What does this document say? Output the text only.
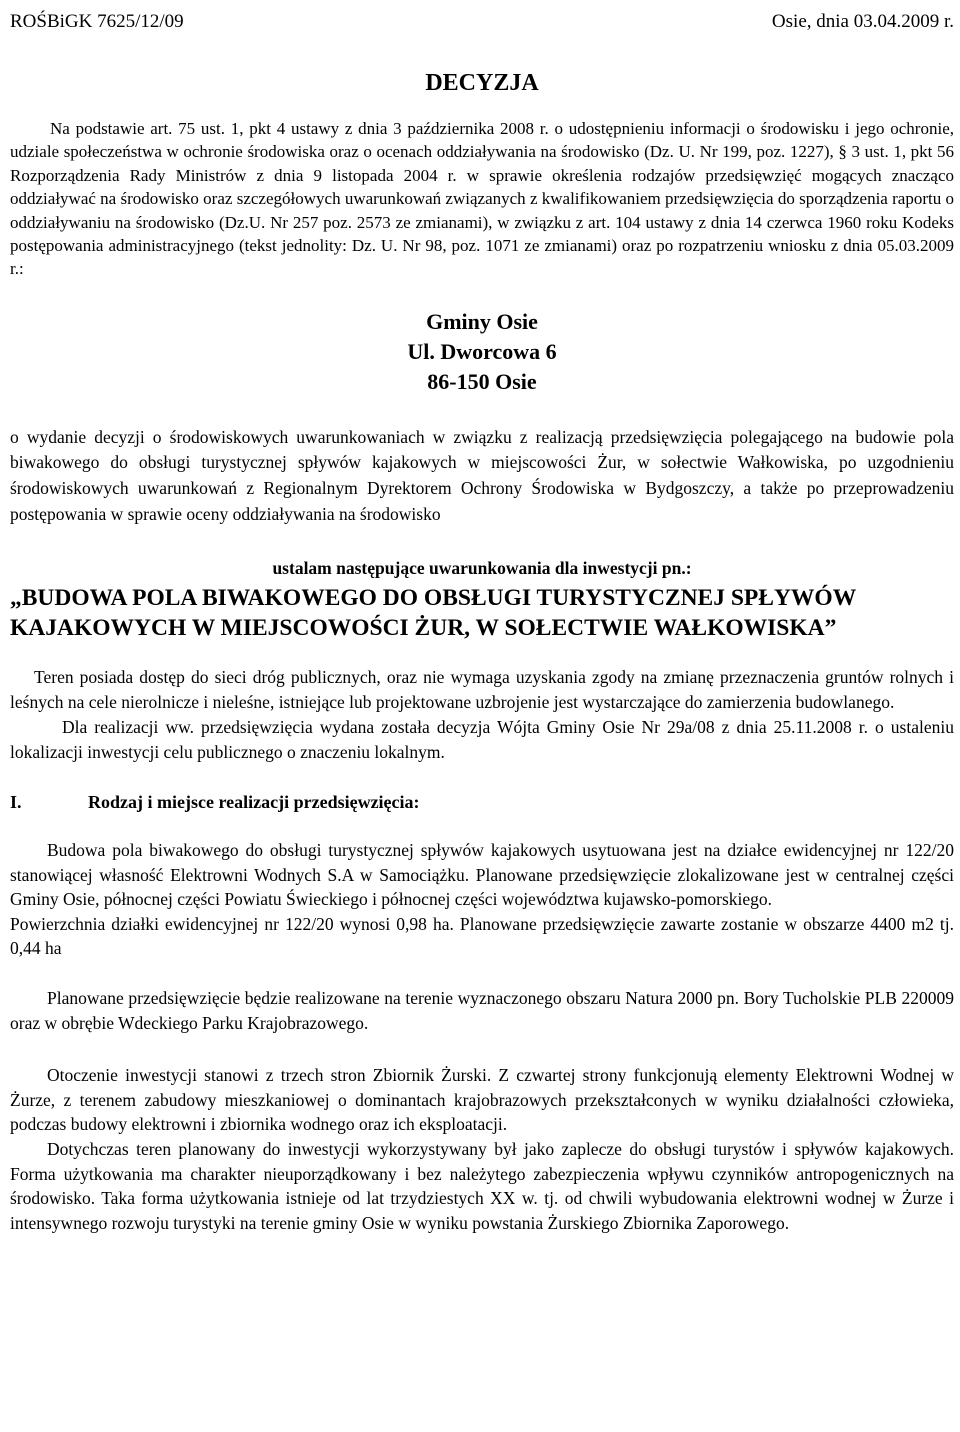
ROŚBiGK 7625/12/09	Osie, dnia 03.04.2009 r.
DECYZJA

Na podstawie art. 75 ust. 1, pkt 4 ustawy z dnia 3 października 2008 r. o udostępnieniu informacji o środowisku i jego ochronie, udziale społeczeństwa w ochronie środowiska oraz o ocenach oddziaływania na środowisko (Dz. U. Nr 199, poz. 1227), § 3 ust. 1, pkt 56 Rozporządzenia Rady Ministrów z dnia 9 listopada 2004 r. w sprawie określenia rodzajów przedsięwzięć mogących znacząco oddziaływać na środowisko oraz szczegółowych uwarunkowań związanych z kwalifikowaniem przedsięwzięcia do sporządzenia raportu o oddziaływaniu na środowisko (Dz.U. Nr 257 poz. 2573 ze zmianami), w związku z art. 104 ustawy z dnia 14 czerwca 1960 roku Kodeks postępowania administracyjnego (tekst jednolity: Dz. U. Nr 98, poz. 1071 ze zmianami) oraz po rozpatrzeniu wniosku z dnia 05.03.2009 r.:

Gminy Osie
Ul. Dworcowa 6
86-150 Osie

o wydanie decyzji o środowiskowych uwarunkowaniach w związku z realizacją przedsięwzięcia polegającego na budowie pola biwakowego do obsługi turystycznej spływów kajakowych w miejscowości Żur, w sołectwie Wałkowiska, po uzgodnieniu środowiskowych uwarunkowań z Regionalnym Dyrektorem Ochrony Środowiska w Bydgoszczy, a także po przeprowadzeniu postępowania w sprawie oceny oddziaływania na środowisko

ustalam następujące uwarunkowania dla inwestycji pn.:
„BUDOWA POLA BIWAKOWEGO DO OBSŁUGI TURYSTYCZNEJ SPŁYWÓW KAJAKOWYCH W MIEJSCOWOŚCI ŻUR, W SOŁECTWIE WAŁKOWISKA”

Teren posiada dostęp do sieci dróg publicznych, oraz nie wymaga uzyskania zgody na zmianę przeznaczenia gruntów rolnych i leśnych na cele nierolnicze i nieleśne, istniejące lub projektowane uzbrojenie jest wystarczające do zamierzenia budowlanego.

Dla realizacji ww. przedsięwzięcia wydana została decyzja Wójta Gminy Osie Nr 29a/08 z dnia 25.11.2008 r. o ustaleniu lokalizacji inwestycji celu publicznego o znaczeniu lokalnym.

I.	Rodzaj i miejsce realizacji przedsięwzięcia:

Budowa pola biwakowego do obsługi turystycznej spływów kajakowych usytuowana jest na działce ewidencyjnej nr 122/20 stanowiącej własność Elektrowni Wodnych S.A w Samociążku. Planowane przedsięwzięcie zlokalizowane jest w centralnej części Gminy Osie, północnej części Powiatu Świeckiego i północnej części województwa kujawsko-pomorskiego.

Powierzchnia działki ewidencyjnej nr 122/20 wynosi 0,98 ha. Planowane przedsięwzięcie zawarte zostanie w obszarze 4400 m2 tj. 0,44 ha

Planowane przedsięwzięcie będzie realizowane na terenie wyznaczonego obszaru Natura 2000 pn. Bory Tucholskie PLB 220009 oraz w obrębie Wdeckiego Parku Krajobrazowego.

Otoczenie inwestycji stanowi z trzech stron Zbiornik Żurski. Z czwartej strony funkcjonują elementy Elektrowni Wodnej w Żurze, z terenem zabudowy mieszkaniowej o dominantach krajobrazowych przekształconych w wyniku działalności człowieka, podczas budowy elektrowni i zbiornika wodnego oraz ich eksploatacji.

Dotychczas teren planowany do inwestycji wykorzystywany był jako zaplecze do obsługi turystów i spływów kajakowych. Forma użytkowania ma charakter nieuporządkowany i bez należytego zabezpieczenia wpływu czynników antropogenicznych na środowisko. Taka forma użytkowania istnieje od lat trzydziestych XX w. tj. od chwili wybudowania elektrowni wodnej w Żurze i intensywnego rozwoju turystyki na terenie gminy Osie w wyniku powstania Żurskiego Zbiornika Zaporowego.
